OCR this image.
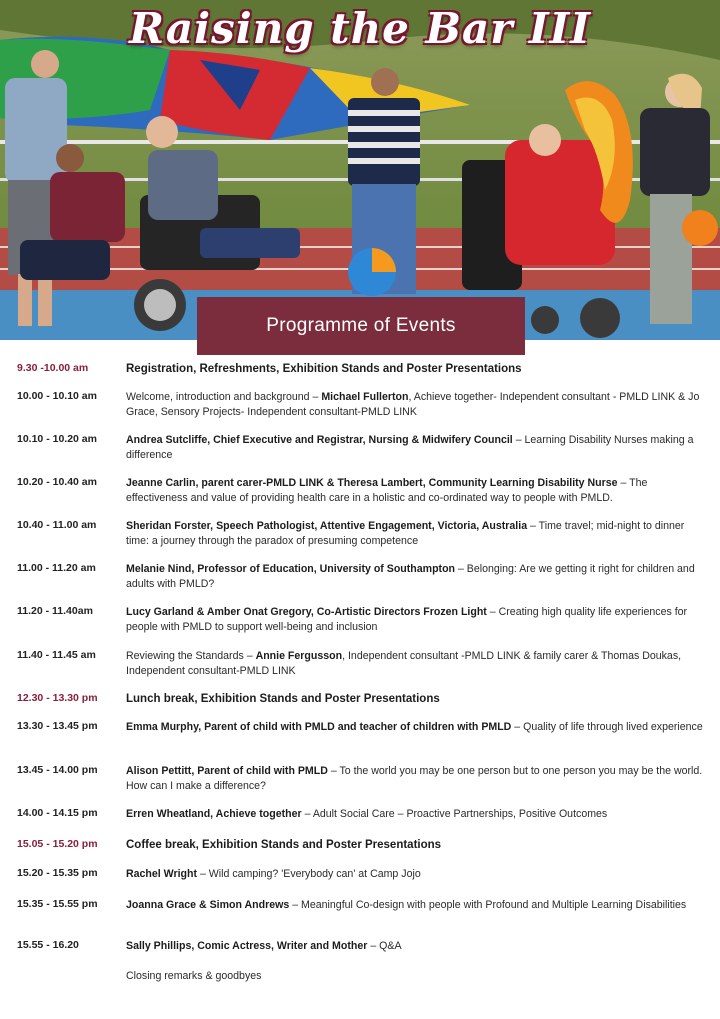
Raising the Bar III
Programme of Events
9.30 -10.00 am	Registration, Refreshments, Exhibition Stands and Poster Presentations
10.00 - 10.10 am	Welcome, introduction and background – Michael Fullerton, Achieve together- Independent consultant - PMLD LINK & Jo Grace, Sensory Projects- Independent consultant-PMLD LINK
10.10 - 10.20 am	Andrea Sutcliffe, Chief Executive and Registrar, Nursing & Midwifery Council – Learning Disability Nurses making a difference
10.20 - 10.40 am	Jeanne Carlin, parent carer-PMLD LINK & Theresa Lambert, Community Learning Disability Nurse – The effectiveness and value of providing health care in a holistic and co-ordinated way to people with PMLD.
10.40 - 11.00 am	Sheridan Forster, Speech Pathologist, Attentive Engagement, Victoria, Australia – Time travel; mid-night to dinner time: a journey through the paradox of presuming competence
11.00 - 11.20 am	Melanie Nind, Professor of Education, University of Southampton – Belonging: Are we getting it right for children and adults with PMLD?
11.20 - 11.40am	Lucy Garland & Amber Onat Gregory, Co-Artistic Directors Frozen Light – Creating high quality life experiences for people with PMLD to support well-being and inclusion
11.40 - 11.45 am	Reviewing the Standards – Annie Fergusson, Independent consultant -PMLD LINK & family carer & Thomas Doukas, Independent consultant-PMLD LINK
12.30 - 13.30 pm	Lunch break, Exhibition Stands and Poster Presentations
13.30 - 13.45 pm	Emma Murphy, Parent of child with PMLD and teacher of children with PMLD – Quality of life through lived experience
13.45 - 14.00 pm	Alison Pettitt, Parent of child with PMLD – To the world you may be one person but to one person you may be the world. How can I make a difference?
14.00 - 14.15 pm	Erren Wheatland, Achieve together – Adult Social Care – Proactive Partnerships, Positive Outcomes
15.05 - 15.20 pm	Coffee break, Exhibition Stands and Poster Presentations
15.20 - 15.35 pm	Rachel Wright – Wild camping? 'Everybody can' at Camp Jojo
15.35 - 15.55 pm	Joanna Grace & Simon Andrews – Meaningful Co-design with people with Profound and Multiple Learning Disabilities
15.55 - 16.20	Sally Phillips, Comic Actress, Writer and Mother – Q&A
Closing remarks & goodbyes
